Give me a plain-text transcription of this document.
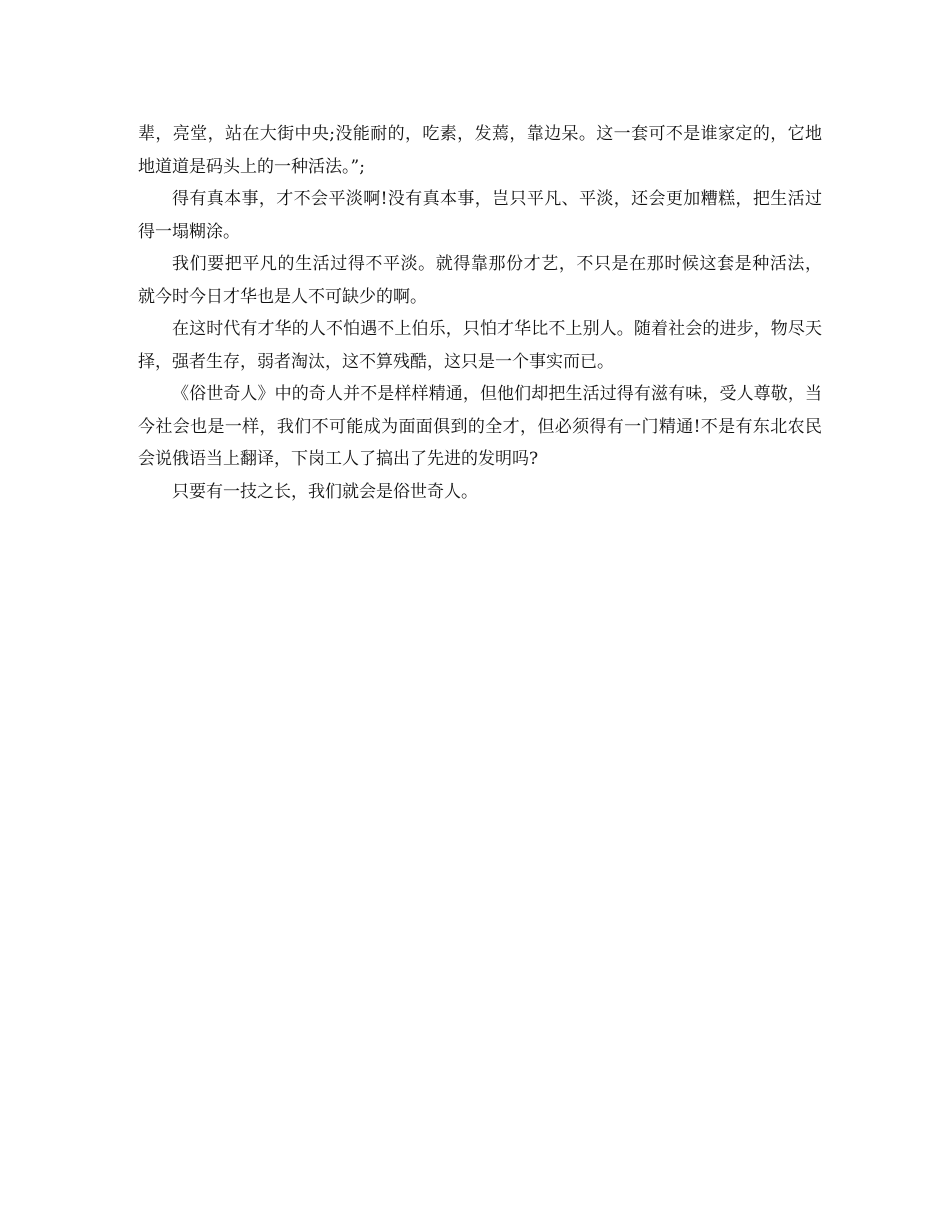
辈，亮堂，站在大街中央;没能耐的，吃素，发蔫，靠边呆。这一套可不是谁家定的，它地地道道是码头上的一种活法。”;

得有真本事，才不会平淡啊!没有真本事，岂只平凡、平淡，还会更加糟糕，把生活过得一塌糊涂。

我们要把平凡的生活过得不平淡。就得靠那份才艺，不只是在那时候这套是种活法， 就今时今日才华也是人不可缺少的啊。

在这时代有才华的人不怕遇不上伯乐，只怕才华比不上别人。随着社会的进步，物尽天择，强者生存，弱者淘汰，这不算残酷，这只是一个事实而已。

《俗世奇人》中的奇人并不是样样精通，但他们却把生活过得有滋有味，受人尊敬，当今社会也是一样，我们不可能成为面面俱到的全才，但必须得有一门精通!不是有东北农民会说俄语当上翻译，下岗工人了搞出了先进的发明吗?

只要有一技之长，我们就会是俗世奇人。
